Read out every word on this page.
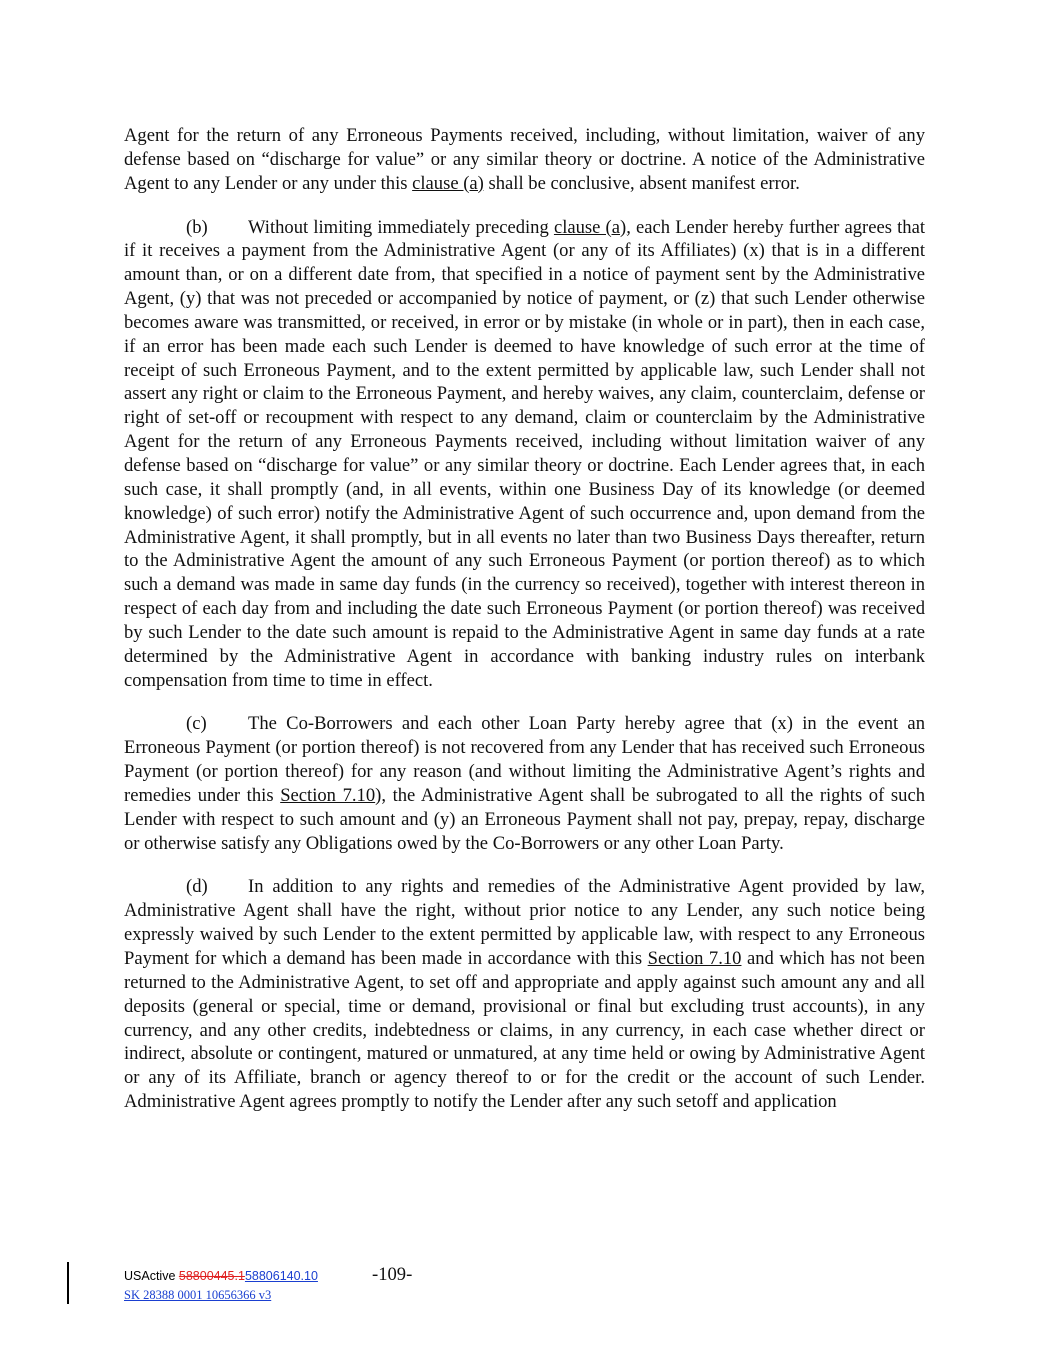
Agent for the return of any Erroneous Payments received, including, without limitation, waiver of any defense based on “discharge for value” or any similar theory or doctrine. A notice of the Administrative Agent to any Lender or any under this clause (a) shall be conclusive, absent manifest error.

(b) Without limiting immediately preceding clause (a), each Lender hereby further agrees that if it receives a payment from the Administrative Agent (or any of its Affiliates) (x) that is in a different amount than, or on a different date from, that specified in a notice of payment sent by the Administrative Agent, (y) that was not preceded or accompanied by notice of payment, or (z) that such Lender otherwise becomes aware was transmitted, or received, in error or by mistake (in whole or in part), then in each case, if an error has been made each such Lender is deemed to have knowledge of such error at the time of receipt of such Erroneous Payment, and to the extent permitted by applicable law, such Lender shall not assert any right or claim to the Erroneous Payment, and hereby waives, any claim, counterclaim, defense or right of set-off or recoupment with respect to any demand, claim or counterclaim by the Administrative Agent for the return of any Erroneous Payments received, including without limitation waiver of any defense based on “discharge for value” or any similar theory or doctrine. Each Lender agrees that, in each such case, it shall promptly (and, in all events, within one Business Day of its knowledge (or deemed knowledge) of such error) notify the Administrative Agent of such occurrence and, upon demand from the Administrative Agent, it shall promptly, but in all events no later than two Business Days thereafter, return to the Administrative Agent the amount of any such Erroneous Payment (or portion thereof) as to which such a demand was made in same day funds (in the currency so received), together with interest thereon in respect of each day from and including the date such Erroneous Payment (or portion thereof) was received by such Lender to the date such amount is repaid to the Administrative Agent in same day funds at a rate determined by the Administrative Agent in accordance with banking industry rules on interbank compensation from time to time in effect.

(c) The Co-Borrowers and each other Loan Party hereby agree that (x) in the event an Erroneous Payment (or portion thereof) is not recovered from any Lender that has received such Erroneous Payment (or portion thereof) for any reason (and without limiting the Administrative Agent’s rights and remedies under this Section 7.10), the Administrative Agent shall be subrogated to all the rights of such Lender with respect to such amount and (y) an Erroneous Payment shall not pay, prepay, repay, discharge or otherwise satisfy any Obligations owed by the Co-Borrowers or any other Loan Party.

(d) In addition to any rights and remedies of the Administrative Agent provided by law, Administrative Agent shall have the right, without prior notice to any Lender, any such notice being expressly waived by such Lender to the extent permitted by applicable law, with respect to any Erroneous Payment for which a demand has been made in accordance with this Section 7.10 and which has not been returned to the Administrative Agent, to set off and appropriate and apply against such amount any and all deposits (general or special, time or demand, provisional or final but excluding trust accounts), in any currency, and any other credits, indebtedness or claims, in any currency, in each case whether direct or indirect, absolute or contingent, matured or unmatured, at any time held or owing by Administrative Agent or any of its Affiliate, branch or agency thereof to or for the credit or the account of such Lender. Administrative Agent agrees promptly to notify the Lender after any such setoff and application

USActive 58800445.158806140.10	-109-
SK 28388 0001 10656366 v3
